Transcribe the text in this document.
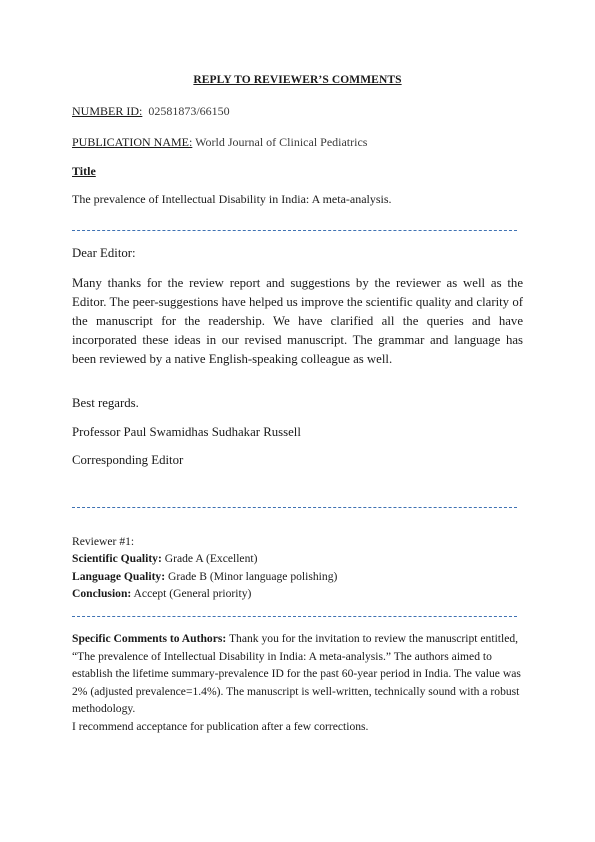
REPLY TO REVIEWER’S COMMENTS
NUMBER ID: 02581873/66150
PUBLICATION NAME: World Journal of Clinical Pediatrics
Title
The prevalence of Intellectual Disability in India: A meta-analysis.
Dear Editor:
Many thanks for the review report and suggestions by the reviewer as well as the Editor. The peer-suggestions have helped us improve the scientific quality and clarity of the manuscript for the readership. We have clarified all the queries and have incorporated these ideas in our revised manuscript. The grammar and language has been reviewed by a native English-speaking colleague as well.
Best regards.
Professor Paul Swamidhas Sudhakar Russell
Corresponding Editor
Reviewer #1:
Scientific Quality: Grade A (Excellent)
Language Quality: Grade B (Minor language polishing)
Conclusion: Accept (General priority)
Specific Comments to Authors: Thank you for the invitation to review the manuscript entitled, “The prevalence of Intellectual Disability in India: A meta-analysis.” The authors aimed to establish the lifetime summary-prevalence ID for the past 60-year period in India. The value was 2% (adjusted prevalence=1.4%). The manuscript is well-written, technically sound with a robust methodology.
I recommend acceptance for publication after a few corrections.
